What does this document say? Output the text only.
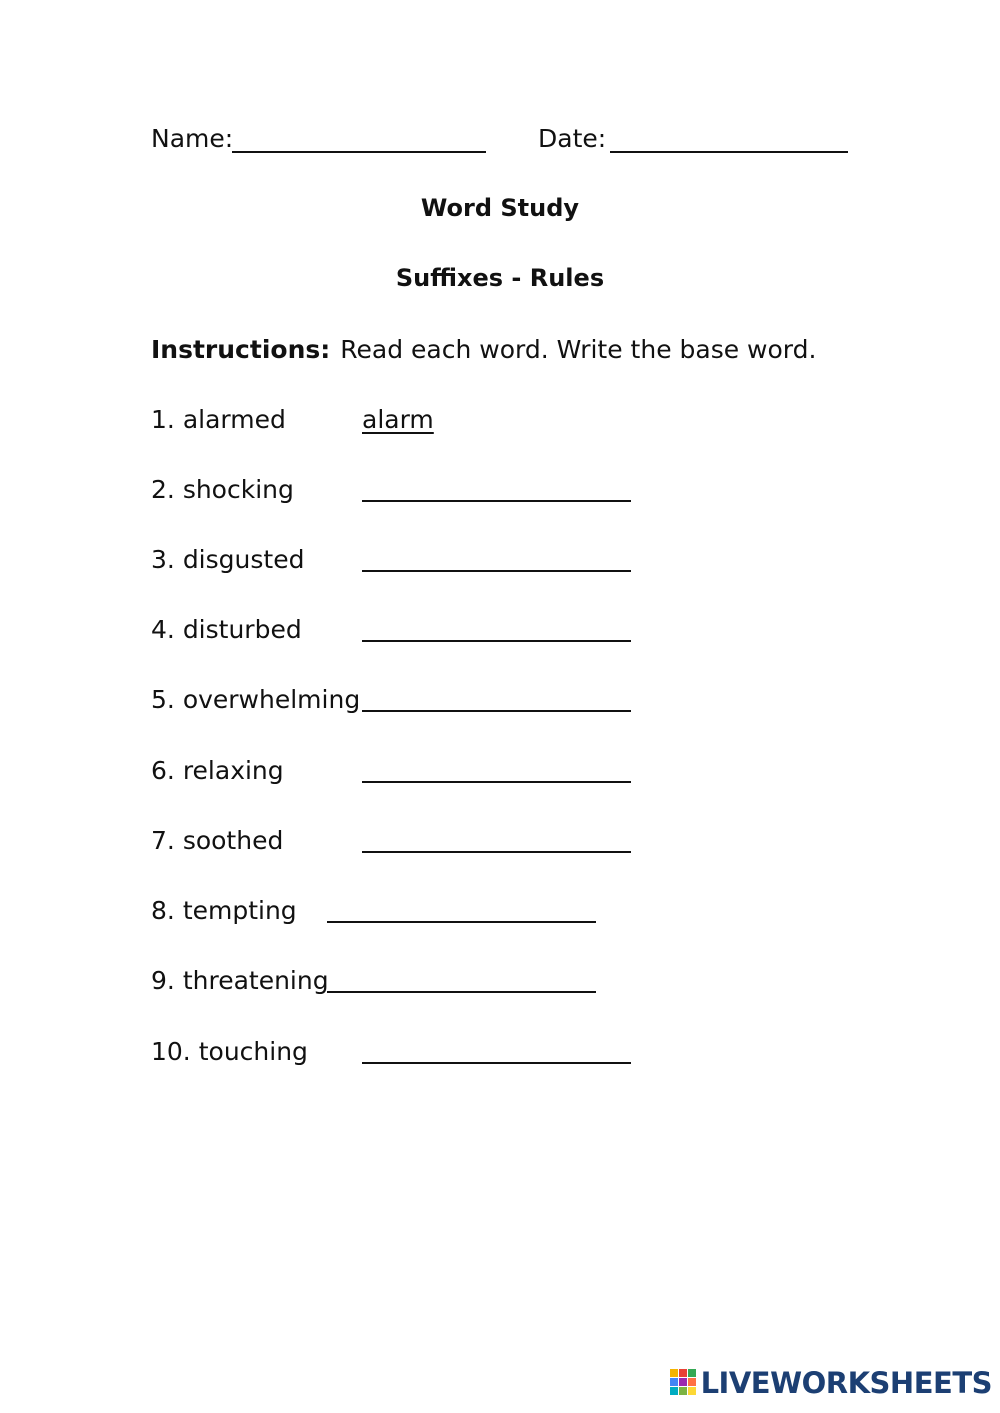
Name:	Date:
Word Study
Suffixes - Rules
Instructions: Read each word. Write the base word.
1. alarmed	alarm
2. shocking
3. disgusted
4. disturbed
5. overwhelming
6. relaxing
7. soothed
8. tempting
9. threatening
10. touching
LIVEWORKSHEETS
